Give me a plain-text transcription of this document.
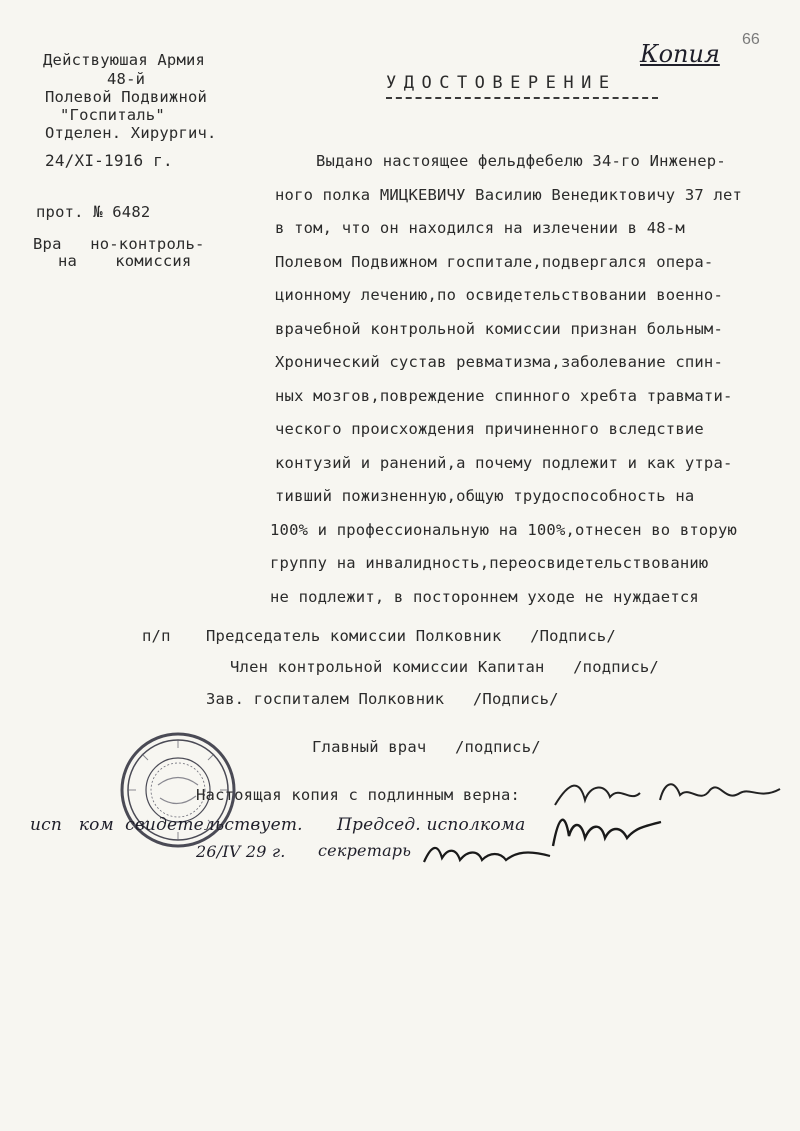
66
Копия
Действуюшая Армия
48-й
Полевой Подвижной
"Госпиталь"
Отделен. Хирургич.
24/XI-1916 г.
прот. № 6482
Вра   но-контроль-
на    комиссия
УДОСТОВЕРЕНИЕ
Выдано настоящее фельдфебелю 34-го Инженер-
ного полка МИЦКЕВИЧУ Василию Венедиктовичу 37 лет
в том, что он находился на излечении в 48-м
Полевом Подвижном госпитале,подвергался опера-
ционному лечению,по освидетельствовании военно-
врачебной контрольной комиссии признан больным-
Хронический сустав ревматизма,заболевание спин-
ных мозгов,повреждение спинного хребта травмати-
ческого происхождения причиненного вследствие
контузий и ранений,а почему подлежит и как утра-
тивший пожизненную,общую трудоспособность на
100% и профессиональную на 100%,отнесен во вторую
группу на инвалидность,переосвидетельствованию
не подлежит, в постороннем уходе не нуждается
п/п Председатель комиссии Полковник   /Подпись/
Член контрольной комиссии Капитан   /подпись/
Зав. госпиталем Полковник   /Подпись/
Главный врач   /подпись/
Настоящая копия с подлинным верна:
исп   ком  свидетельствует. Председ. исполкома
26/IV 29 г. секретарь
